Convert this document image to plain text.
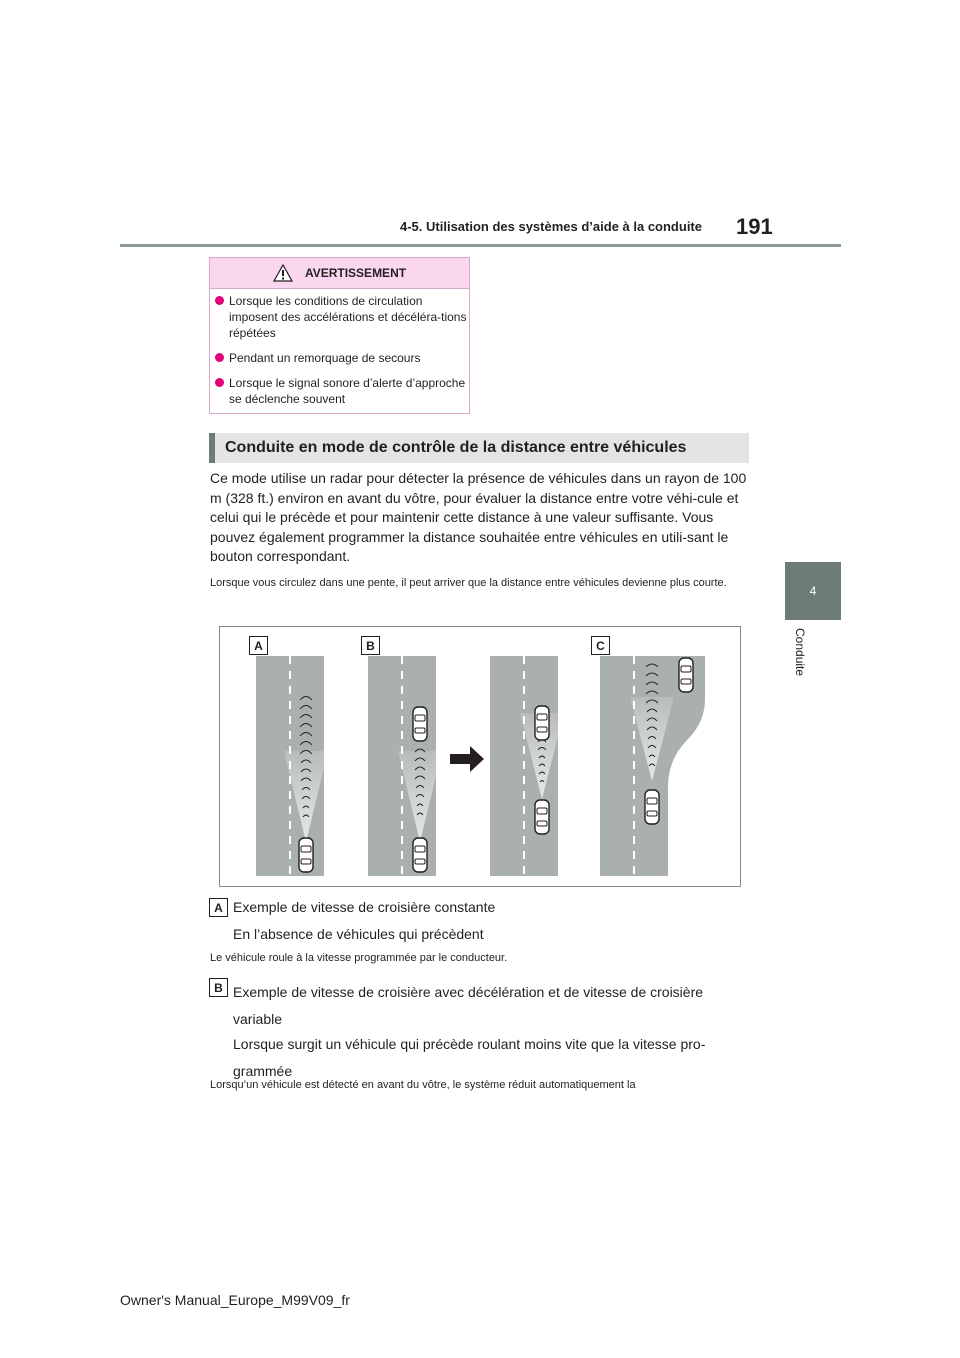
4-5. Utilisation des systèmes d’aide à la conduite 191
4
Conduite
AVERTISSEMENT
Lorsque les conditions de circulation imposent des accélérations et décéléra-tions répétées
Pendant un remorquage de secours
Lorsque le signal sonore d’alerte d’approche se déclenche souvent
Conduite en mode de contrôle de la distance entre véhicules
Ce mode utilise un radar pour détecter la présence de véhicules dans un rayon de 100 m (328 ft.) environ en avant du vôtre, pour évaluer la distance entre votre véhi-cule et celui qui le précède et pour maintenir cette distance à une valeur suffisante. Vous pouvez également programmer la distance souhaitée entre véhicules en utili-sant le bouton correspondant.
Lorsque vous circulez dans une pente, il peut arriver que la distance entre véhicules devienne plus courte.
A	B	C
A Exemple de vitesse de croisière constante
En l’absence de véhicules qui précèdent
Le véhicule roule à la vitesse programmée par le conducteur.
B Exemple de vitesse de croisière avec décélération et de vitesse de croisière variable
Lorsque surgit un véhicule qui précède roulant moins vite que la vitesse pro-grammée
Lorsqu’un véhicule est détecté en avant du vôtre, le système réduit automatiquement la
Owner's Manual_Europe_M99V09_fr
